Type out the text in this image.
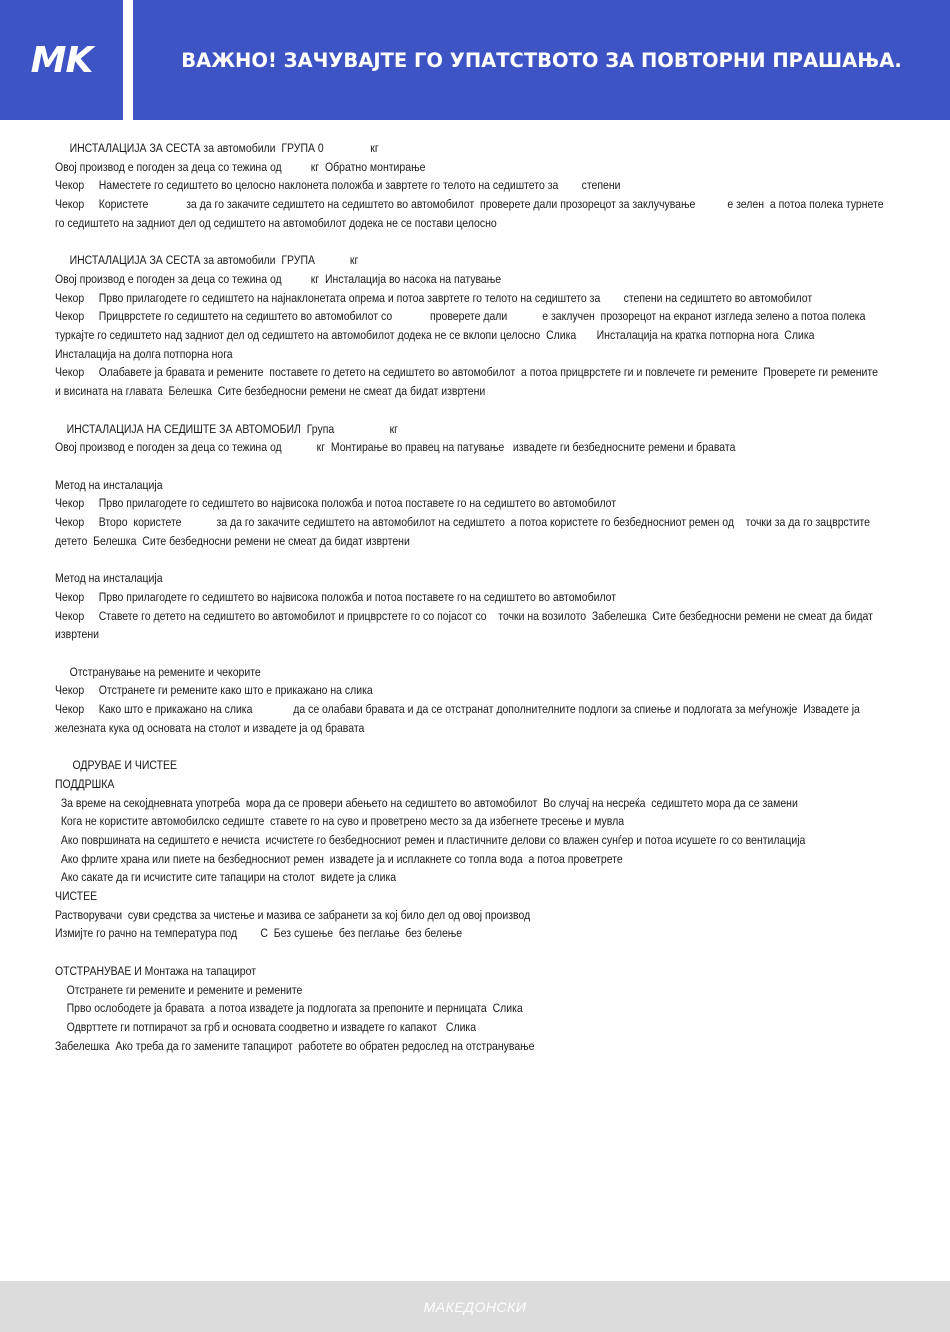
MK	ВАЖНО! ЗАЧУВАЈТЕ ГО УПАТСТВОТО ЗА ПОВТОРНИ ПРАШАЊА.
ИНСТАЛАЦИЈА ЗА СЕСТА за автомобили  ГРУПА 0                кг
Овој производ е погоден за деца со тежина од          кг  Обратно монтирање
Чекор     Наместете го седиштето во целосно наклонета положба и завртете го телото на седиштето за        степени
Чекор     Користете             за да го закачите седиштето на седиштето во автомобилот  проверете дали прозорецот за заклучување           е зелен  а потоа полека турнете го седиштето на задниот дел од седиштето на автомобилот додека не се постави целосно
ИНСТАЛАЦИЈА ЗА СЕСТА за автомобили  ГРУПА            кг
Овој производ е погоден за деца со тежина од          кг  Инсталација во насока на патување
Чекор     Прво прилагодете го седиштето на најнаклонетата опрема и потоа завртете го телото на седиштето за        степени на седиштето во автомобилот
Чекор     Прицврстете го седиштето на седиштето во автомобилот со             проверете дали            е заклучен  прозорецот на екранот изгледа зелено а потоа полека туркајте го седиштето над задниот дел од седиштето на автомобилот додека не се вклопи целосно  Слика       Инсталација на кратка потпорна нога  Слика       Инсталација на долга потпорна нога
Чекор     Олабавете ја бравата и ремените  поставете го детето на седиштето во автомобилот  а потоа прицврстете ги и повлечете ги ремените  Проверете ги ремените и висината на главата  Белешка  Сите безбедносни ремени не смеат да бидат извртени
ИНСТАЛАЦИЈА НА СЕДИШТЕ ЗА АВТОМОБИЛ  Група                   кг
Овој производ е погоден за деца со тежина од            кг  Монтирање во правец на патување   извадете ги безбедносните ремени и бравата
Метод на инсталација
Чекор     Прво прилагодете го седиштето во највисока положба и потоа поставете го на седиштето во автомобилот
Чекор     Второ  користете            за да го закачите седиштето на автомобилот на седиштето  а потоа користете го безбедносниот ремен од    точки за да го зацврстите детето  Белешка  Сите безбедносни ремени не смеат да бидат извртени
Метод на инсталација
Чекор     Прво прилагодете го седиштето во највисока положба и потоа поставете го на седиштето во автомобилот
Чекор     Ставете го детето на седиштето во автомобилот и прицврстете го со појасот со    точки на возилото  Забелешка  Сите безбедносни ремени не смеат да бидат извртени
Отстранување на ремените и чекорите
Чекор     Отстранете ги ремените како што е прикажано на слика
Чекор     Како што е прикажано на слика              да се олабави бравата и да се отстранат дополнителните подлоги за спиење и подлогата за меѓуножје  Извадете ја железната кука од основата на столот и извадете ја од бравата
ОДРУВАЕ И ЧИСТЕЕ
ПОДДРШКА
За време на секојдневната употреба  мора да се провери абењето на седиштето во автомобилот  Во случај на несреќа  седиштето мора да се замени
Кога не користите автомобилско седиште  ставете го на суво и проветрено место за да избегнете тресење и мувла
Ако површината на седиштето е нечиста  исчистете го безбедносниот ремен и пластичните делови со влажен сунѓер и потоа исушете го со вентилација
Ако фрлите храна или пиете на безбедносниот ремен  извадете ја и исплакнете со топла вода  а потоа проветрете
Ако сакате да ги исчистите сите тапацири на столот  видете ја слика
ЧИСТЕЕ
Растворувачи  суви средства за чистење и мазива се забранети за кој било дел од овој производ
Измијте го рачно на температура под        С  Без сушење  без пеглање  без белење
ОТСТРАНУВАЕ И Монтажа на тапацирот
Отстранете ги ремените и ремените и ремените
Прво ослободете ја бравата  а потоа извадете ја подлогата за препоните и перницата  Слика
Одврттете ги потпирачот за грб и основата соодветно и извадете го капакот   Слика
Забелешка  Ако треба да го замените тапацирот  работете во обратен редослед на отстранување
МАКЕДОНСКИ
